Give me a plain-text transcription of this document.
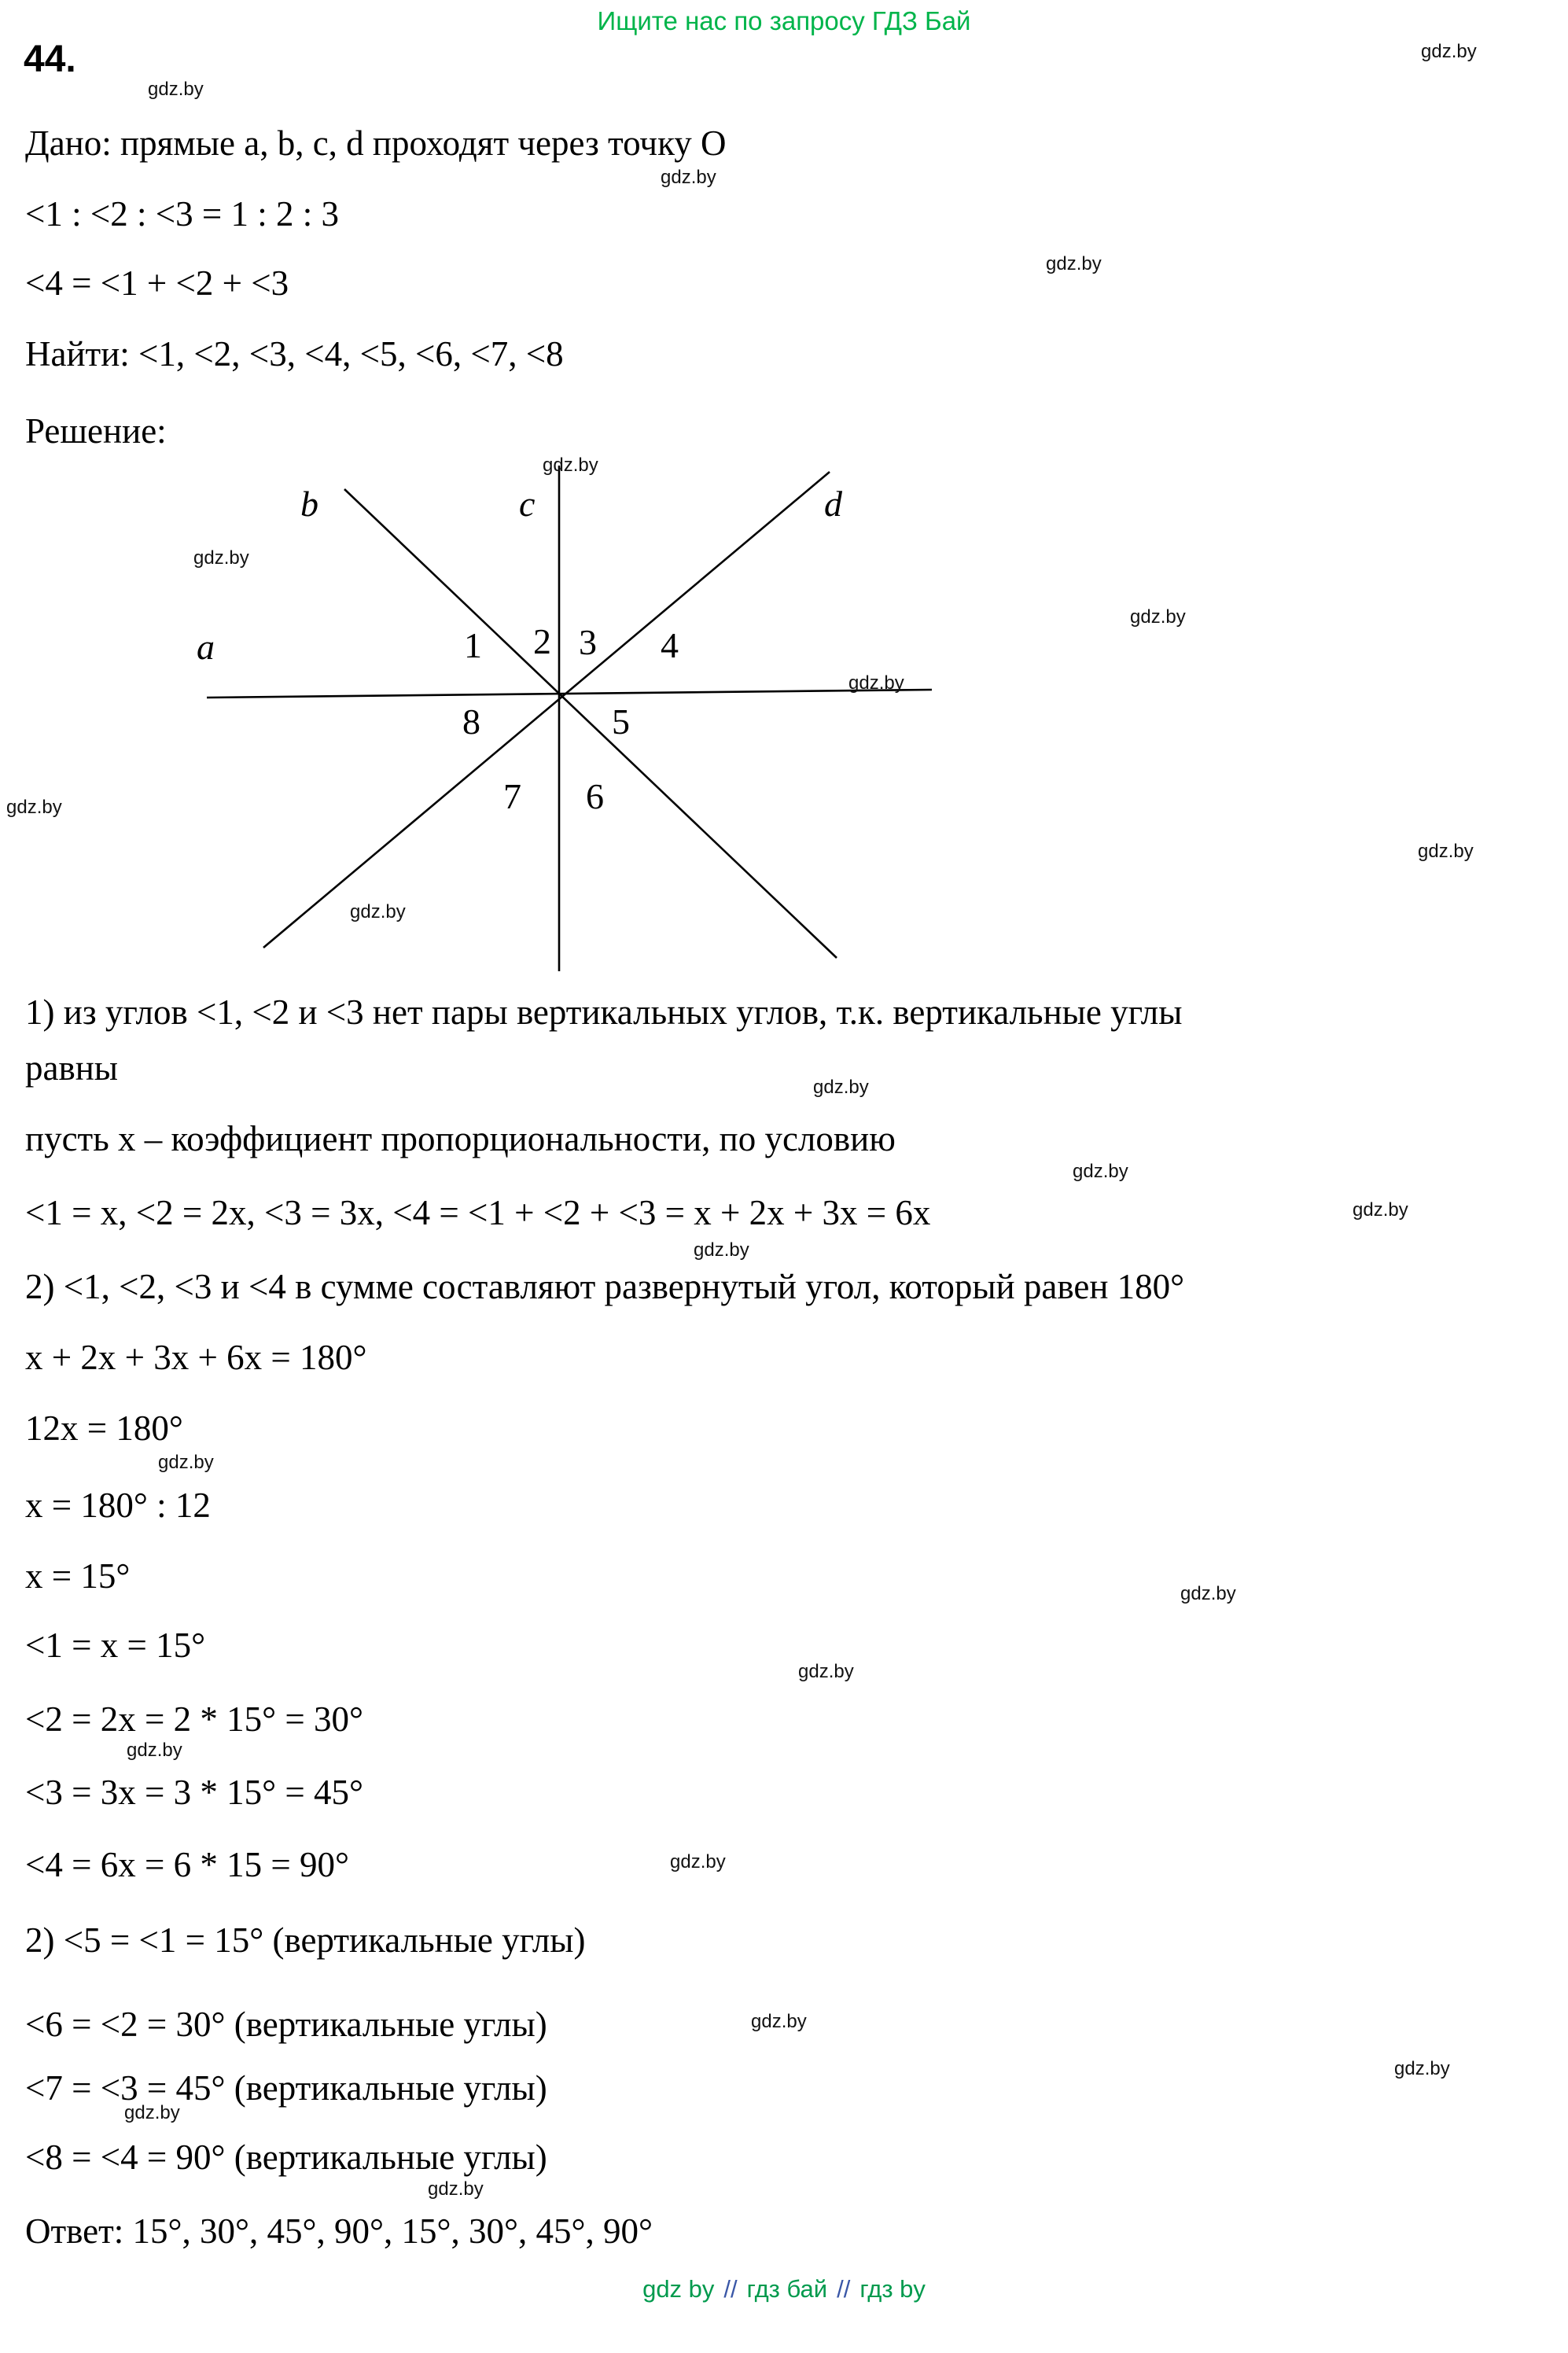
Ищите нас по запросу ГДЗ Бай
44.
Дано: прямые a, b, c, d проходят через точку О
<1 : <2 : <3 = 1 : 2 : 3
<4 = <1 + <2 + <3
Найти: <1, <2, <3, <4, <5, <6, <7, <8
Решение:
1) из углов <1, <2 и <3 нет пары вертикальных углов, т.к. вертикальные углы
равны
пусть x – коэффициент пропорциональности, по условию
<1 = x, <2 = 2x, <3 = 3x, <4 = <1 + <2 + <3 = x + 2x + 3x = 6x
2) <1, <2, <3 и <4 в сумме составляют развернутый угол, который равен 180°
x + 2x + 3x + 6x = 180°
12x = 180°
x = 180° : 12
x = 15°
<1 = x = 15°
<2 = 2x = 2 * 15° = 30°
<3 = 3x = 3 * 15° = 45°
<4 = 6x = 6 * 15 = 90°
2) <5 = <1 = 15° (вертикальные углы)
<6 = <2 = 30° (вертикальные углы)
<7 = <3 = 45° (вертикальные углы)
<8 = <4 = 90° (вертикальные углы)
Ответ: 15°, 30°, 45°, 90°, 15°, 30°, 45°, 90°
a
b	c	d
1 2 3 4
8	5
7 6
gdz.by
gdz.by
gdz.by
gdz.by
gdz.by
gdz.by
gdz.by
gdz.by
gdz.by
gdz.by
gdz.by
gdz.by
gdz.by
gdz.by
gdz.by
gdz.by
gdz.by
gdz.by
gdz.by
gdz.by
gdz.by
gdz.by
gdz.by
gdz.by
gdz by // гдз бай // гдз by
